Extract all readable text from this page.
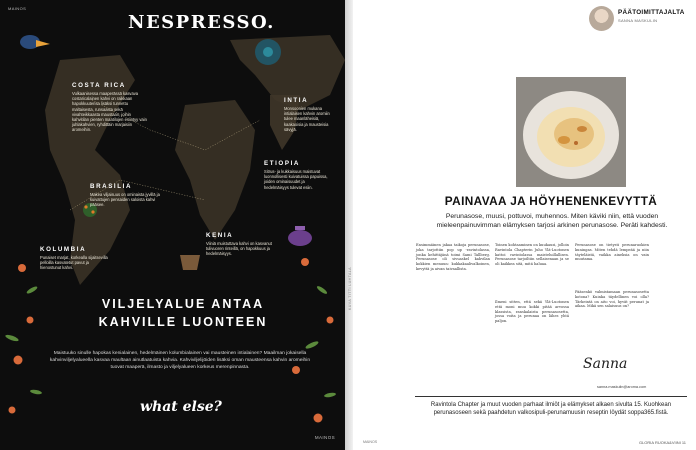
MAINOS
NESPRESSO.
COSTA RICA
Vulkaanisessa maaperässä kasvava costaricalainen kahvi on raikkaan hapokkuutensa lisäksi tunnettu maltaisesta, runsaasta sekä vivahteikkaasta maustaan, joihin kahvitilan pienten maatilojen esiintyy vain juhlakahvien, ryhdittäin marjaisiin aromeihin.
INTIA
Monsoonien mukana intialaisen kahvin aromiin tulee maanläheisiä, kaakaoisia ja mausteisia sävyjä.
BRASILIA
Makea viljaisuus on ominaista jyvillä ja kuivattujen pensaiden saloista kahvi pääsee.
ETIOPIA
Sitrus- ja kukkaisuus maistuvat luonnollisesti kuivatuissa papuissa, joiden ominaisuudet ja hedelmäisyys tulevat esiin.
KOLUMBIA
Punaiset marjat, korkealla sijaitsevilla pelloilla kasvatetut pavut ja hienostunut kahvi.
KENIA
Viiniä muistuttava kahvi on kasvanut tulivuoren rinteillä, on hapokkuus ja hedelmäisyys.
VILJELYALUE ANTAA
KAHVILLE LUONTEEN
Maistuuko sinulle hapokas kenialainen, hedelmäinen kolumbialainen vai mausteinen intialainen? Maailman jokaisella kahvinviljelyalueella kasvaa maultaan ainutlaatuista kahvia. Kahviviljelijöiden lisäksi oman mausteensa kahvin aromeihin tuovat maaperä, ilmasto ja viljelyalueen korkeus merenpinnasta.
what else?
MAINOS
KUVA TITTI LUHTALA
PÄÄTOIMITTAJALTA
SANNA MASKULIN
PAINAVAA JA HÖYHENENKEVYTTÄ
Perunasose, muusi, pottuvoi, muhennos. Miten käviki niin, että vuoden mieleenpainuvimman elämyksen tarjosi arkinen perunasose. Peräti kahdesti.
Ensimmäinen jakaa taikoja perunasose, joka tarjottiin pop up -ravintolassa, jonka kehittäjänä toimi Sami Tallberg. Perunasose oli sivuaskel kahvilan kokkien menuun: kukkakaalivalkoinen, kevyttä ja aivan taivaallista.
Toinen kohtaaminen on kuukausi, jolloin Ravintola Chapterin Juho Ylä-Luotonen kattoi ravintolassa maisteluillallisen. Perunasose tarjoiltiin sellaisenaan ja se oli kaikkea sitä, mitä haluaa.
Perunasose on tietysti perunaruokien kuningas. Miten tehdä lempeää ja niin täyteläistä, vaikka aineksia on vain muutama.
Pääsenkö valmistamaan perunasosetta kotona? Kuinka täydellinen voi olla? Tärkeintä on aito voi, hyvät perunat ja aikaa. Mikä sen salaisuus on?
Ilmeni sitten, että sekä Ylä-Luotonen että moni muu kokki pitää arvossa klassista, ranskalaista perunasosetta, jossa voita ja perunaa on lähes yhtä paljon.
Sanna
sanna.maskulin@aroma.com
Ravintola Chapter ja muut vuoden parhaat ilmiöt ja elämykset alkaen sivulta 15. Kuohkean perunasoseen sekä paahdetun valkosipuli-perunamuusin reseptin löydät soppa365.fistä.
MAINOS	GLORIA RUOKA&VIINI 11
